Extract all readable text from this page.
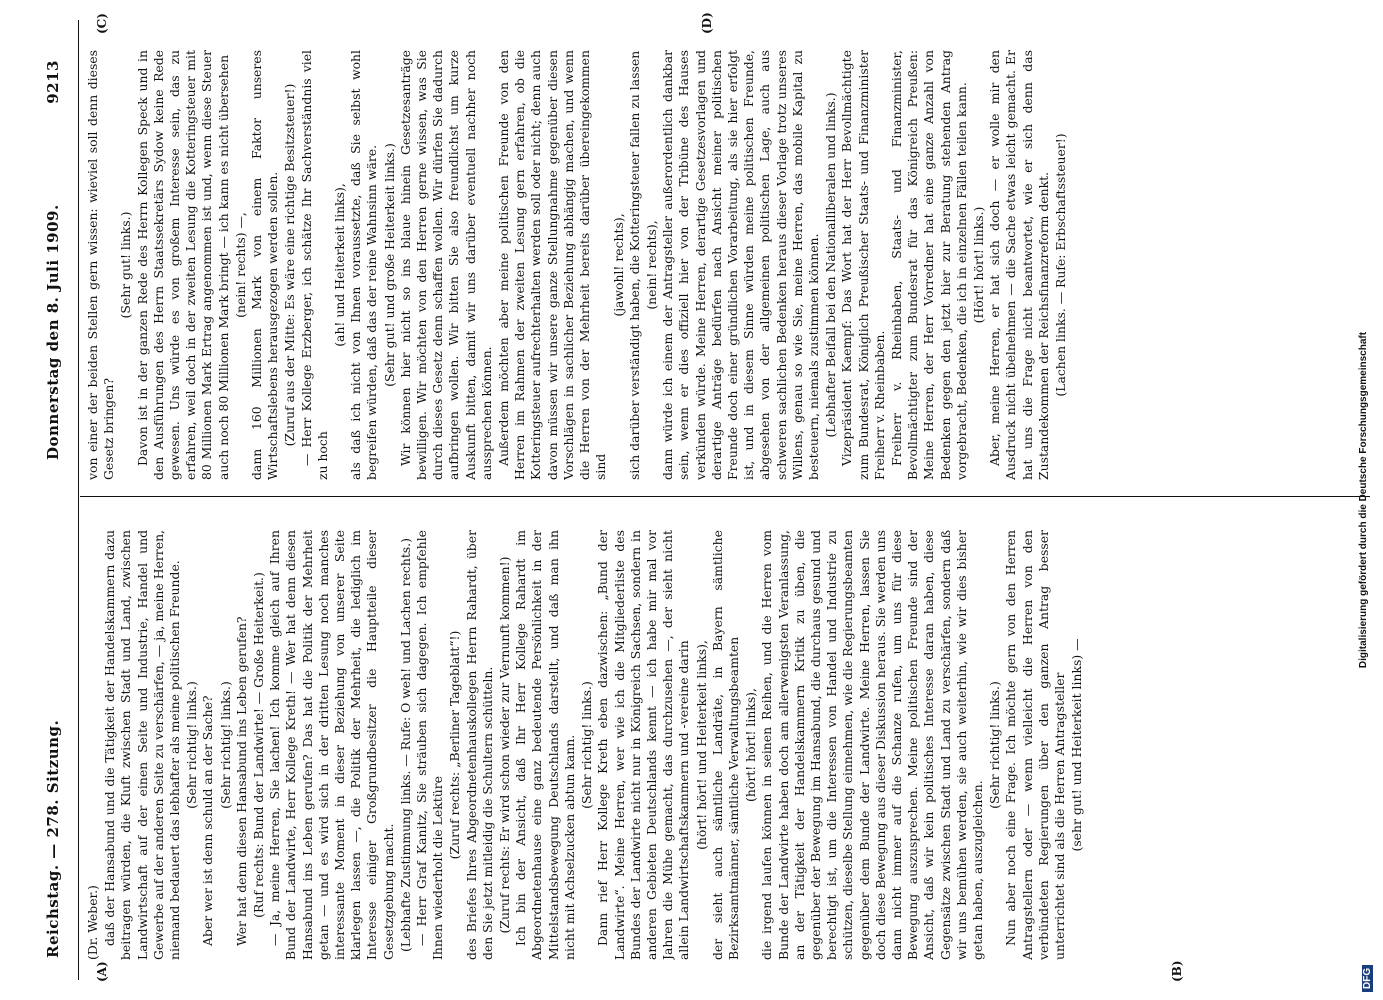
Reichstag. — 278. Sitzung.
Donnerstag den 8. Juli 1909.
9213
(A)	(B)
(C)	(D)

(Dr. Weber.) daß der Hansabund und die Tätigkeit der Handelskammern dazu beitragen würden, die Kluft zwischen Stadt und Land, zwischen Landwirtschaft auf der einen Seite und Industrie, Handel und Gewerbe auf der anderen Seite zu verschärfen, — ja, meine Herren, niemand bedauert das lebhafter als meine politischen Freunde. (Sehr richtig! links.) Aber wer ist denn schuld an der Sache? (Sehr richtig! links.) Wer hat denn diesen Hansabund ins Leben gerufen? (Ruf rechts: Bund der Landwirte! — Große Heiterkeit.) — Ja, meine Herren, Sie lachen! Ich komme gleich auf Ihren Bund der Landwirte, Herr Kollege Kreth! — Wer hat denn diesen Hansabund ins Leben gerufen? Das hat die Politik der Mehrheit getan — und es wird sich in der dritten Lesung noch manches interessante Moment in dieser Beziehung von unserer Seite klarlegen lassen —, die Politik der Mehrheit, die lediglich im Interesse einiger Großgrundbesitzer die Hauptteile dieser Gesetzgebung macht. (Lebhafte Zustimmung links. — Rufe: O weh! und Lachen rechts.) — Herr Graf Kanitz, Sie sträuben sich dagegen. Ich empfehle Ihnen wiederholt die Lektüre

(Zuruf rechts: „Berliner Tageblatt“!) des Briefes Ihres Abgeordnetenhauskollegen Herrn Rahardt, über den Sie jetzt mitleidig die Schultern schütteln. (Zuruf rechts: Er wird schon wieder zur Vernunft kommen!) Ich bin der Ansicht, daß Ihr Herr Kollege Rahardt im Abgeordnetenhause eine ganz bedeutende Persönlichkeit in der Mittelstandsbewegung Deutschlands darstellt, und daß man ihn nicht mit Achselzucken abtun kann. (Sehr richtig! links.) Dann rief Herr Kollege Kreth eben dazwischen: „Bund der Landwirte“. Meine Herren, wer wie ich die Mitgliederliste des Bundes der Landwirte nicht nur in Königreich Sachsen, sondern in anderen Gebieten Deutschlands kennt — ich habe mir mal vor Jahren die Mühe gemacht, das durchzusehen —, der sieht nicht allein Landwirtschaftskammern und -vereine darin (hört! hört! und Heiterkeit links), der sieht auch sämtliche Landräte, in Bayern sämtliche Bezirksamtmänner, sämtliche Verwaltungsbeamten (hört! hört! links), die irgend laufen können in seinen Reihen, und die Herren vom Bunde der Landwirte haben doch am allerwenigsten Veranlassung, an der Tätigkeit der Handelskammern Kritik zu üben, die gegenüber der Bewegung im Hansabund, die durchaus gesund und berechtigt ist, um die Interessen von Handel und Industrie zu schützen, dieselbe Stellung einnehmen, wie die Regierungsbeamten gegenüber dem Bunde der Landwirte. Meine Herren, lassen Sie doch diese Bewegung aus dieser Diskussion heraus. Sie werden uns dann nicht immer auf die Schanze rufen, um uns für diese Bewegung auszusprechen. Meine politischen Freunde sind der Ansicht, daß wir kein politisches Interesse daran haben, diese Gegensätze zwischen Stadt und Land zu verschärfen, sondern daß wir uns bemühen werden, sie auch weiterhin, wie wir dies bisher getan haben, auszugleichen.

(Sehr richtig! links.) Nun aber noch eine Frage. Ich möchte gern von den Herren Antragstellern oder — wenn vielleicht die Herren von den verbündeten Regierungen über den ganzen Antrag besser unterrichtet sind als die Herren Antragsteller (sehr gut! und Heiterkeit links) —

von einer der beiden Stellen gern wissen: wieviel soll denn dieses Gesetz bringen?

(Sehr gut! links.) Davon ist in der ganzen Rede des Herrn Kollegen Speck und in den Ausführungen des Herrn Staatssekretärs Sydow keine Rede gewesen. Uns würde es von großem Interesse sein, das zu erfahren, weil doch in der zweiten Lesung die Kotteringsteuer mit 80 Millionen Mark Ertrag angenommen ist und, wenn diese Steuer auch noch 80 Millionen Mark bringt — ich kann es nicht übersehen (nein! rechts) —, dann 160 Millionen Mark von einem Faktor unseres Wirtschaftslebens herausgezogen werden sollen. (Zuruf aus der Mitte: Es wäre eine richtige Besitzsteuer!) — Herr Kollege Erzberger, ich schätze Ihr Sachverständnis viel zu hoch

(ah! und Heiterkeit links), als daß ich nicht von Ihnen voraussetzte, daß Sie selbst wohl begreifen würden, daß das der reine Wahnsinn wäre. (Sehr gut! und große Heiterkeit links.) Wir können hier nicht so ins blaue hinein Gesetzesanträge bewilligen. Wir möchten von den Herren gerne wissen, was Sie durch dieses Gesetz denn schaffen wollen. Wir dürfen Sie dadurch aufbringen wollen. Wir bitten Sie also freundlichst um kurze Auskunft bitten, damit wir uns darüber eventuell nachher noch aussprechen können. Außerdem möchten aber meine politischen Freunde von den Herren im Rahmen der zweiten Lesung gern erfahren, ob die Kotteringsteuer aufrechterhalten werden soll oder nicht; denn auch davon müssen wir unsere ganze Stellungnahme gegenüber diesen Vorschlägen in sachlicher Beziehung abhängig machen, und wenn die Herren von der Mehrheit bereits darüber übereingekommen sind

(jawohl! rechts), sich darüber verständigt haben, die Kotteringsteuer fallen zu lassen (nein! rechts), dann würde ich einem der Antragsteller außerordentlich dankbar sein, wenn er dies offiziell hier von der Tribüne des Hauses verkünden würde. Meine Herren, derartige Gesetzesvorlagen und derartige Anträge bedürfen nach Ansicht meiner politischen Freunde doch einer gründlichen Vorarbeitung, als sie hier erfolgt ist, und in diesem Sinne würden meine politischen Freunde, abgesehen von der allgemeinen politischen Lage, auch aus schweren sachlichen Bedenken heraus dieser Vorlage trotz unseres Willens, genau so wie Sie, meine Herren, das mobile Kapital zu besteuern, niemals zustimmen können. (Lebhafter Beifall bei den Nationalliberalen und links.) Vizepräsident Kaempf: Das Wort hat der Herr Bevollmächtigte zum Bundesrat, Königlich Preußischer Staats- und Finanzminister Freiherr v. Rheinbaben. Freiherr v. Rheinbaben, Staats- und Finanzminister, Bevollmächtigter zum Bundesrat für das Königreich Preußen: Meine Herren, der Herr Vorredner hat eine ganze Anzahl von Bedenken gegen den jetzt hier zur Beratung stehenden Antrag vorgebracht, Bedenken, die ich in einzelnen Fällen teilen kann. (Hört! hört! links.) Aber, meine Herren, er hat sich doch — er wolle mir den Ausdruck nicht übelnehmen — die Sache etwas leicht gemacht. Er hat uns die Frage nicht beantwortet, wie er sich denn das Zustandekommen der Reichsfinanzreform denkt. (Lachen links. — Rufe: Erbschaftssteuer!)

Digitalisierung gefördert durch die Deutsche Forschungsgemeinschaft
DFG
